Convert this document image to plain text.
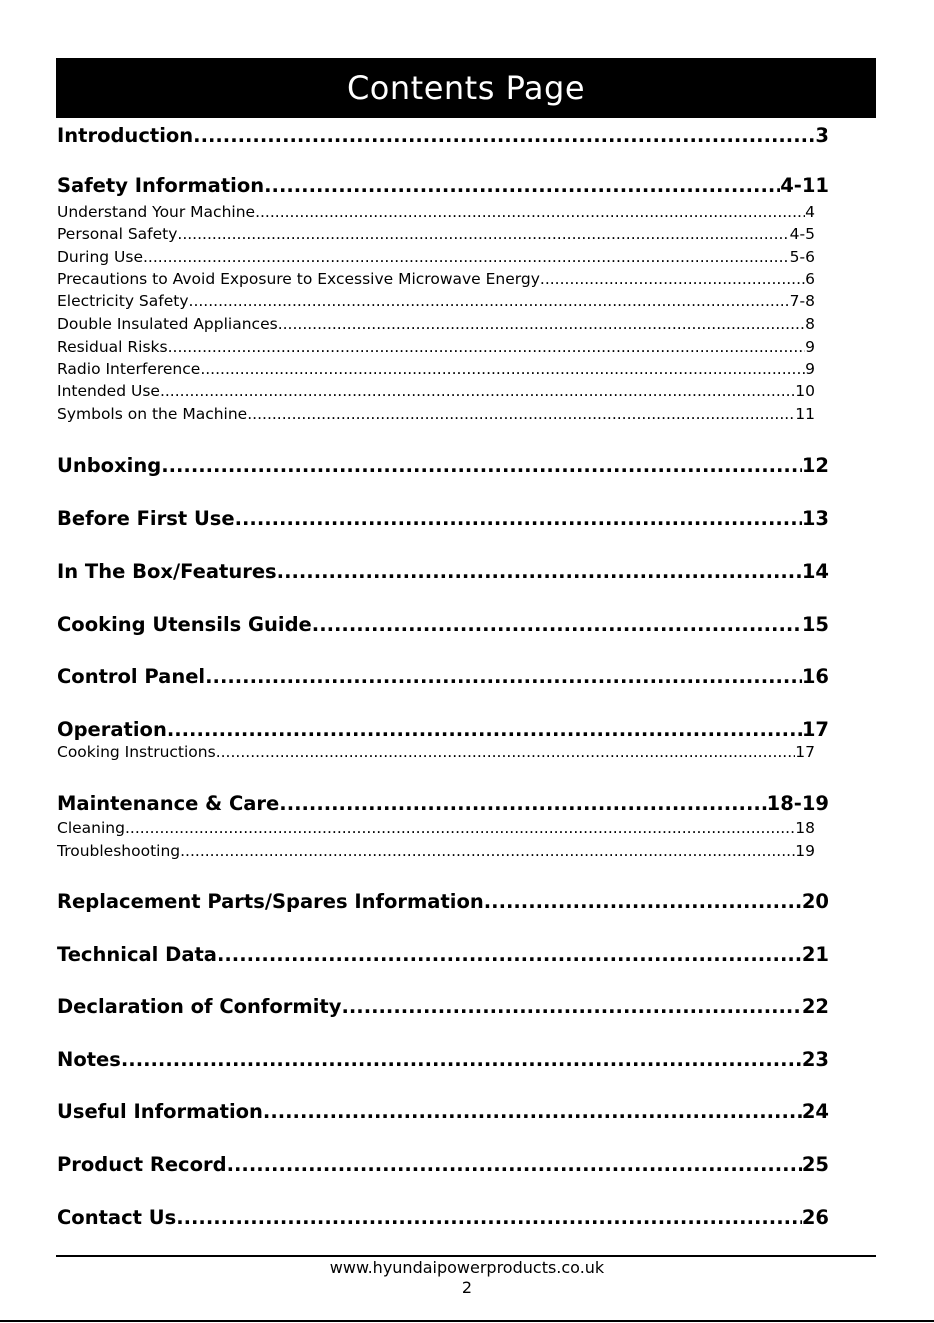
Contents Page
Introduction .....	3
Safety Information .....	4-11
Understand Your Machine .....	4
Personal Safety .....	4-5
During Use .....	5-6
Precautions to Avoid Exposure to Excessive Microwave Energy .....	6
Electricity Safety .....	7-8
Double Insulated Appliances .....	8
Residual Risks .....	9
Radio Interference .....	9
Intended Use .....	10
Symbols on the Machine .....	11
Unboxing .....	12
Before First Use .....	13
In The Box/Features .....	14
Cooking Utensils Guide .....	15
Control Panel .....	16
Operation .....	17
Cooking Instructions .....	17
Maintenance & Care .....	18-19
Cleaning .....	18
Troubleshooting .....	19
Replacement Parts/Spares Information .....	20
Technical Data .....	21
Declaration of Conformity .....	22
Notes .....	23
Useful Information .....	24
Product Record .....	25
Contact Us .....	26
www.hyundaipowerproducts.co.uk
2
